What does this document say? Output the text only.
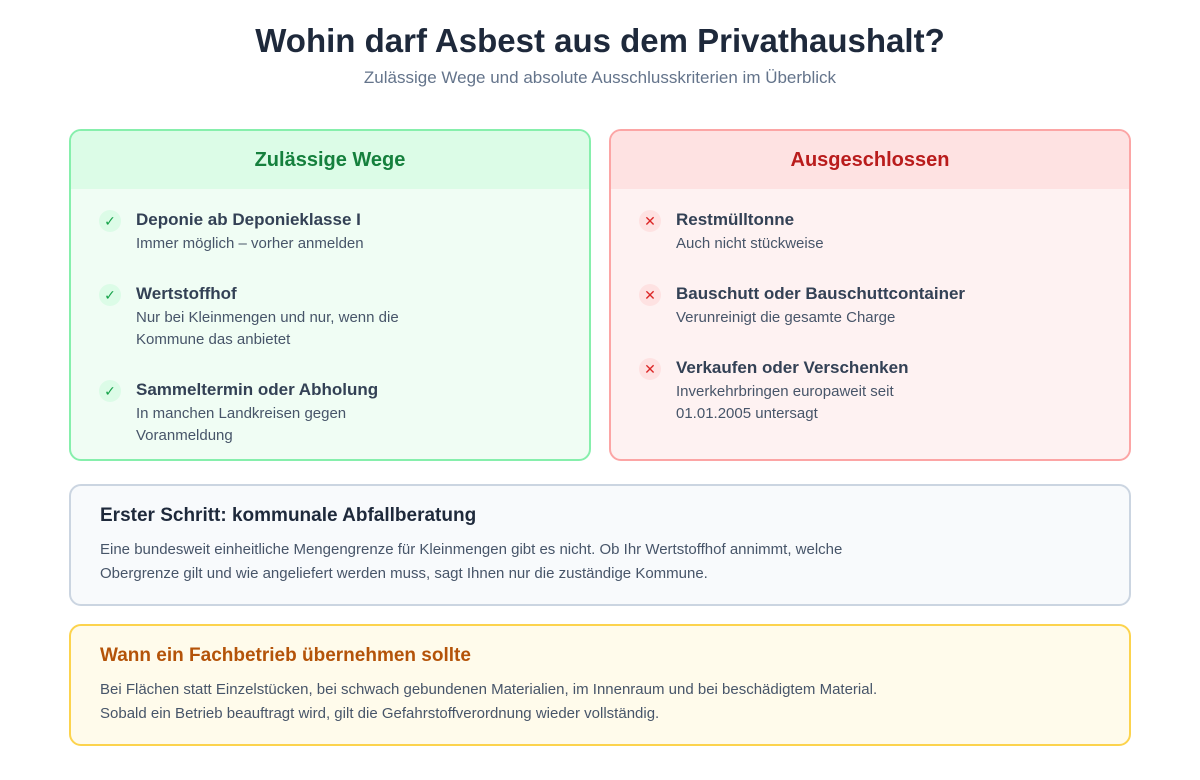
Wohin darf Asbest aus dem Privathaushalt?
Zulässige Wege und absolute Ausschlusskriterien im Überblick
Zulässige Wege
✓	Deponie ab Deponieklasse I
Immer möglich – vorher anmelden
✓	Wertstoffhof
Nur bei Kleinmengen und nur, wenn die Kommune das anbietet
✓	Sammeltermin oder Abholung
In manchen Landkreisen gegen Voranmeldung
Ausgeschlossen
✕	Restmülltonne
Auch nicht stückweise
✕	Bauschutt oder Bauschuttcontainer
Verunreinigt die gesamte Charge
✕	Verkaufen oder Verschenken
Inverkehrbringen europaweit seit 01.01.2005 untersagt
Erster Schritt: kommunale Abfallberatung
Eine bundesweit einheitliche Mengengrenze für Kleinmengen gibt es nicht. Ob Ihr Wertstoffhof annimmt, welche Obergrenze gilt und wie angeliefert werden muss, sagt Ihnen nur die zuständige Kommune.
Wann ein Fachbetrieb übernehmen sollte
Bei Flächen statt Einzelstücken, bei schwach gebundenen Materialien, im Innenraum und bei beschädigtem Material. Sobald ein Betrieb beauftragt wird, gilt die Gefahrstoffverordnung wieder vollständig.
